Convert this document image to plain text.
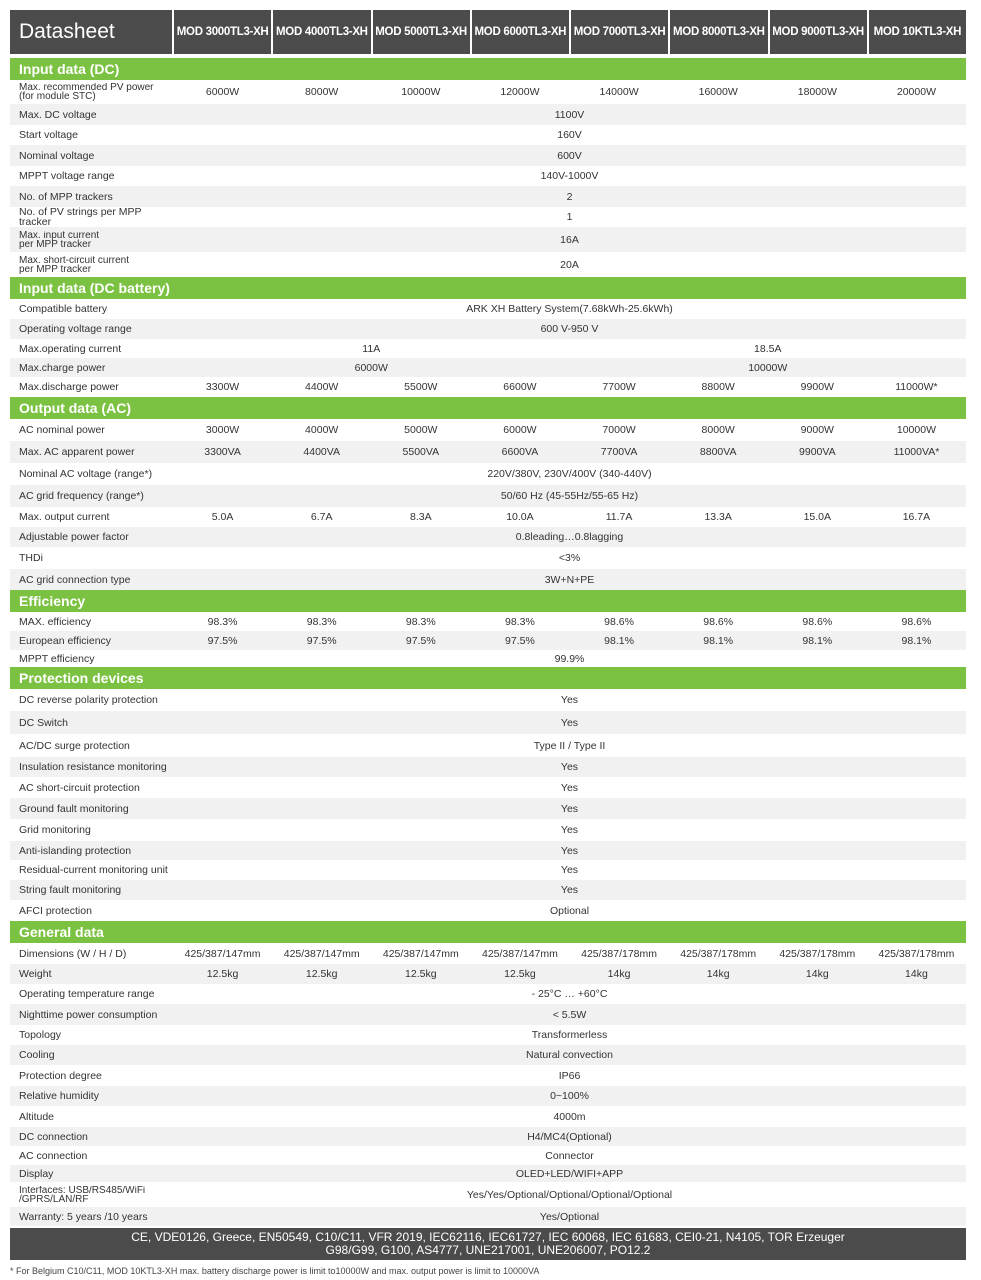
Datasheet	MOD 3000TL3-XH MOD 4000TL3-XH MOD 5000TL3-XH MOD 6000TL3-XH MOD 7000TL3-XH MOD 8000TL3-XH MOD 9000TL3-XH MOD 10KTL3-XH
Input data (DC)
Max. recommended PV power
(for module STC)	6000W	8000W	10000W	12000W	14000W	16000W	18000W	20000W
Max. DC voltage	1100V
Start voltage	160V
Nominal voltage	600V
MPPT voltage range	140V-1000V
No. of MPP trackers	2
No. of PV strings per MPP tracker	1
Max. input current
per MPP tracker	16A
Max. short-circuit current
per MPP tracker	20A
Input data (DC battery)
Compatible battery	ARK XH Battery System(7.68kWh-25.6kWh)
Operating voltage range	600 V-950 V
Max.operating current	11A	18.5A
Max.charge power	6000W	10000W
Max.discharge power	3300W	4400W	5500W	6600W	7700W	8800W	9900W	11000W*
Output data (AC)
AC nominal power	3000W	4000W	5000W	6000W	7000W	8000W	9000W	10000W
Max. AC apparent power	3300VA	4400VA	5500VA	6600VA	7700VA	8800VA	9900VA	11000VA*
Nominal AC voltage (range*)	220V/380V, 230V/400V (340-440V)
AC grid frequency (range*)	50/60 Hz (45-55Hz/55-65 Hz)
Max. output current	5.0A	6.7A	8.3A	10.0A	11.7A	13.3A	15.0A	16.7A
Adjustable power factor	0.8leading…0.8lagging
THDi	<3%
AC grid connection type	3W+N+PE
Efficiency
MAX. efficiency	98.3%	98.3%	98.3%	98.3%	98.6%	98.6%	98.6%	98.6%
European efficiency	97.5%	97.5%	97.5%	97.5%	98.1%	98.1%	98.1%	98.1%
MPPT efficiency	99.9%
Protection devices
DC reverse polarity protection	Yes
DC Switch	Yes
AC/DC surge protection	Type II / Type II
Insulation resistance monitoring	Yes
AC short-circuit protection	Yes
Ground fault monitoring	Yes
Grid monitoring	Yes
Anti-islanding protection	Yes
Residual-current monitoring unit	Yes
String fault monitoring	Yes
AFCI protection	Optional
General data
Dimensions (W / H / D)	425/387/147mm	425/387/147mm	425/387/147mm	425/387/147mm	425/387/178mm	425/387/178mm	425/387/178mm	425/387/178mm
Weight	12.5kg	12.5kg	12.5kg	12.5kg	14kg	14kg	14kg	14kg
Operating temperature range	- 25°C … +60°C
Nighttime power consumption	< 5.5W
Topology	Transformerless
Cooling	Natural convection
Protection degree	IP66
Relative humidity	0~100%
Altitude	4000m
DC connection	H4/MC4(Optional)
AC connection	Connector
Display	OLED+LED/WIFI+APP
Interfaces: USB/RS485/WiFi
/GPRS/LAN/RF	Yes/Yes/Optional/Optional/Optional/Optional
Warranty: 5 years /10 years	Yes/Optional
CE, VDE0126, Greece, EN50549, C10/C11, VFR 2019, IEC62116, IEC61727, IEC 60068, IEC 61683, CEI0-21, N4105, TOR Erzeuger
G98/G99, G100, AS4777, UNE217001, UNE206007, PO12.2
* For Belgium C10/C11, MOD 10KTL3-XH max. battery discharge power is limit to10000W and max. output power is limit to 10000VA
